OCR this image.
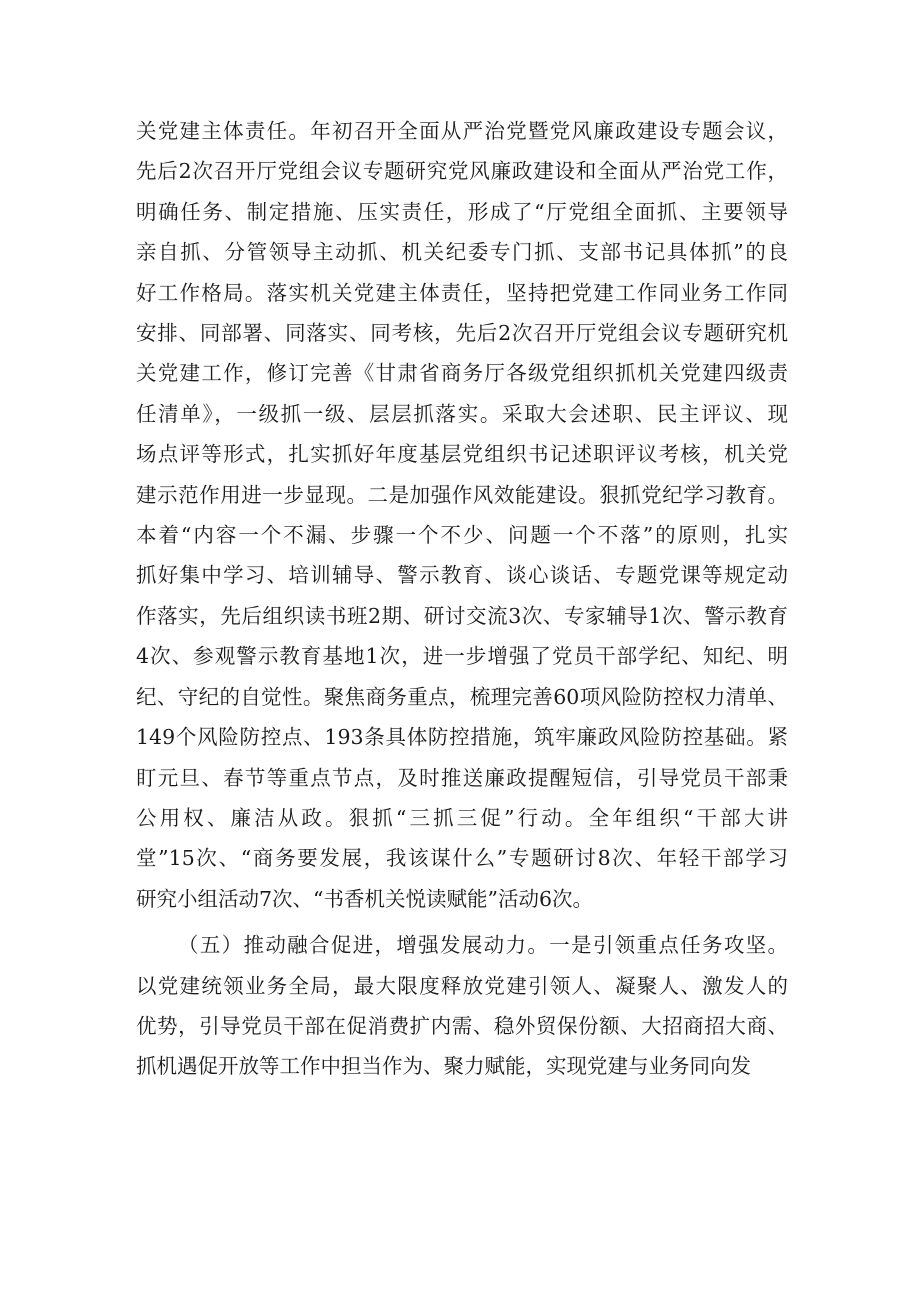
关党建主体责任。年初召开全面从严治党暨党风廉政建设专题会议，
先后2次召开厅党组会议专题研究党风廉政建设和全面从严治党工作，
明确任务、制定措施、压实责任，形成了“厅党组全面抓、主要领导
亲自抓、分管领导主动抓、机关纪委专门抓、支部书记具体抓”的良
好工作格局。落实机关党建主体责任，坚持把党建工作同业务工作同
安排、同部署、同落实、同考核，先后2次召开厅党组会议专题研究机
关党建工作，修订完善《甘肃省商务厅各级党组织抓机关党建四级责
任清单》，一级抓一级、层层抓落实。采取大会述职、民主评议、现
场点评等形式，扎实抓好年度基层党组织书记述职评议考核，机关党
建示范作用进一步显现。二是加强作风效能建设。狠抓党纪学习教育。
本着“内容一个不漏、步骤一个不少、问题一个不落”的原则，扎实
抓好集中学习、培训辅导、警示教育、谈心谈话、专题党课等规定动
作落实，先后组织读书班2期、研讨交流3次、专家辅导1次、警示教育
4次、参观警示教育基地1次，进一步增强了党员干部学纪、知纪、明
纪、守纪的自觉性。聚焦商务重点，梳理完善60项风险防控权力清单、
149个风险防控点、193条具体防控措施，筑牢廉政风险防控基础。紧
盯元旦、春节等重点节点，及时推送廉政提醒短信，引导党员干部秉
公用权、廉洁从政。狠抓“三抓三促”行动。全年组织“干部大讲
堂”15次、“商务要发展，我该谋什么”专题研讨8次、年轻干部学习
研究小组活动7次、“书香机关悦读赋能”活动6次。

（五）推动融合促进，增强发展动力。一是引领重点任务攻坚。
以党建统领业务全局，最大限度释放党建引领人、凝聚人、激发人的
优势，引导党员干部在促消费扩内需、稳外贸保份额、大招商招大商、
抓机遇促开放等工作中担当作为、聚力赋能，实现党建与业务同向发
